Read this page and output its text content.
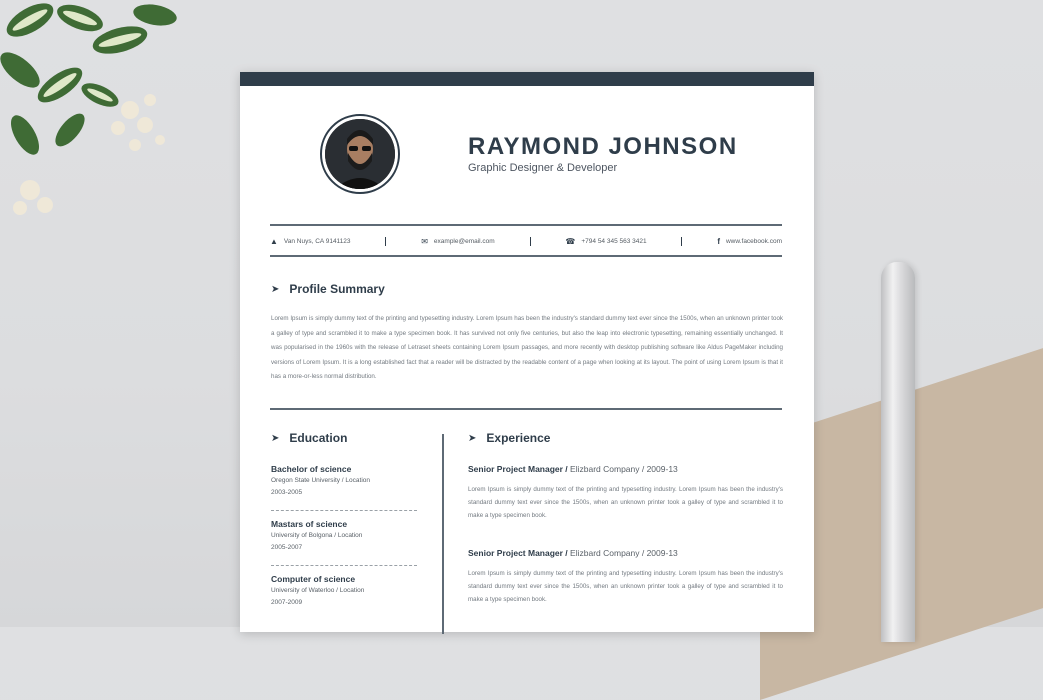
RAYMOND JOHNSON
Graphic Designer & Developer
▲ Van Nuys, CA 9141123	✉ example@email.com	☎ +794 54 345 563 3421	f www.facebook.com
➤ Profile Summary

Lorem Ipsum is simply dummy text of the printing and typesetting industry. Lorem Ipsum has been the industry's standard dummy text ever since the 1500s, when an unknown printer took a galley of type and scrambled it to make a type specimen book. It has survived not only five centuries, but also the leap into electronic typesetting, remaining essentially unchanged. It was popularised in the 1960s with the release of Letraset sheets containing Lorem Ipsum passages, and more recently with desktop publishing software like Aldus PageMaker including versions of Lorem Ipsum. It is a long established fact that a reader will be distracted by the readable content of a page when looking at its layout. The point of using Lorem Ipsum is that it has a more-or-less normal distribution.

➤ Education
Bachelor of science
Oregon State University / Location
2003-2005
Mastars of science
University of Bolgona / Location
2005-2007
Computer of science
University of Waterloo / Location
2007-2009
➤ Experience
Senior Project Manager / Elizbard Company / 2009-13
Lorem Ipsum is simply dummy text of the printing and typesetting industry. Lorem Ipsum has been the industry's standard dummy text ever since the 1500s, when an unknown printer took a galley of type and scrambled it to make a type specimen book.
Senior Project Manager / Elizbard Company / 2009-13
Lorem Ipsum is simply dummy text of the printing and typesetting industry. Lorem Ipsum has been the industry's standard dummy text ever since the 1500s, when an unknown printer took a galley of type and scrambled it to make a type specimen book.
